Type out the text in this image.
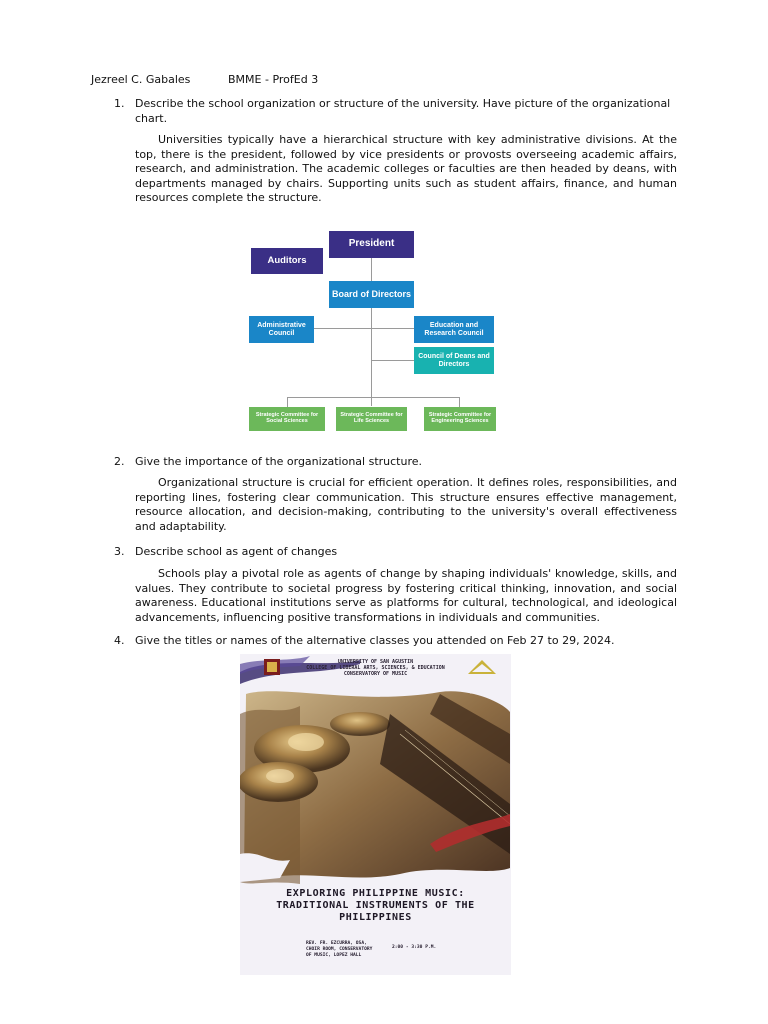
Jezreel C. Gabales	BMME - ProfEd 3
1. Describe the school organization or structure of the university. Have picture of the organizational chart.

Universities typically have a hierarchical structure with key administrative divisions. At the top, there is the president, followed by vice presidents or provosts overseeing academic affairs, research, and administration. The academic colleges or faculties are then headed by deans, with departments managed by chairs. Supporting units such as student affairs, finance, and human resources complete the structure.

President
Auditors
Board of Directors
Administrative Council
Education and Research Council
Council of Deans and Directors
Strategic Committee for Social Sciences
Strategic Committee for Life Sciences
Strategic Committee for Engineering Sciences
2. Give the importance of the organizational structure.

Organizational structure is crucial for efficient operation. It defines roles, responsibilities, and reporting lines, fostering clear communication. This structure ensures effective management, resource allocation, and decision-making, contributing to the university's overall effectiveness and adaptability.

3. Describe school as agent of changes

Schools play a pivotal role as agents of change by shaping individuals' knowledge, skills, and values. They contribute to societal progress by fostering critical thinking, innovation, and social awareness. Educational institutions serve as platforms for cultural, technological, and ideological advancements, influencing positive transformations in individuals and communities.

4. Give the titles or names of the alternative classes you attended on Feb 27 to 29, 2024.
UNIVERSITY OF SAN AGUSTIN
COLLEGE OF LIBERAL ARTS, SCIENCES, & EDUCATION
CONSERVATORY OF MUSIC
EXPLORING PHILIPPINE MUSIC: TRADITIONAL INSTRUMENTS OF THE PHILIPPINES
REV. FR. EZCURRA, OSA, CHOIR ROOM, CONSERVATORY OF MUSIC, LOPEZ HALL
2:00 - 3:30 P.M.
